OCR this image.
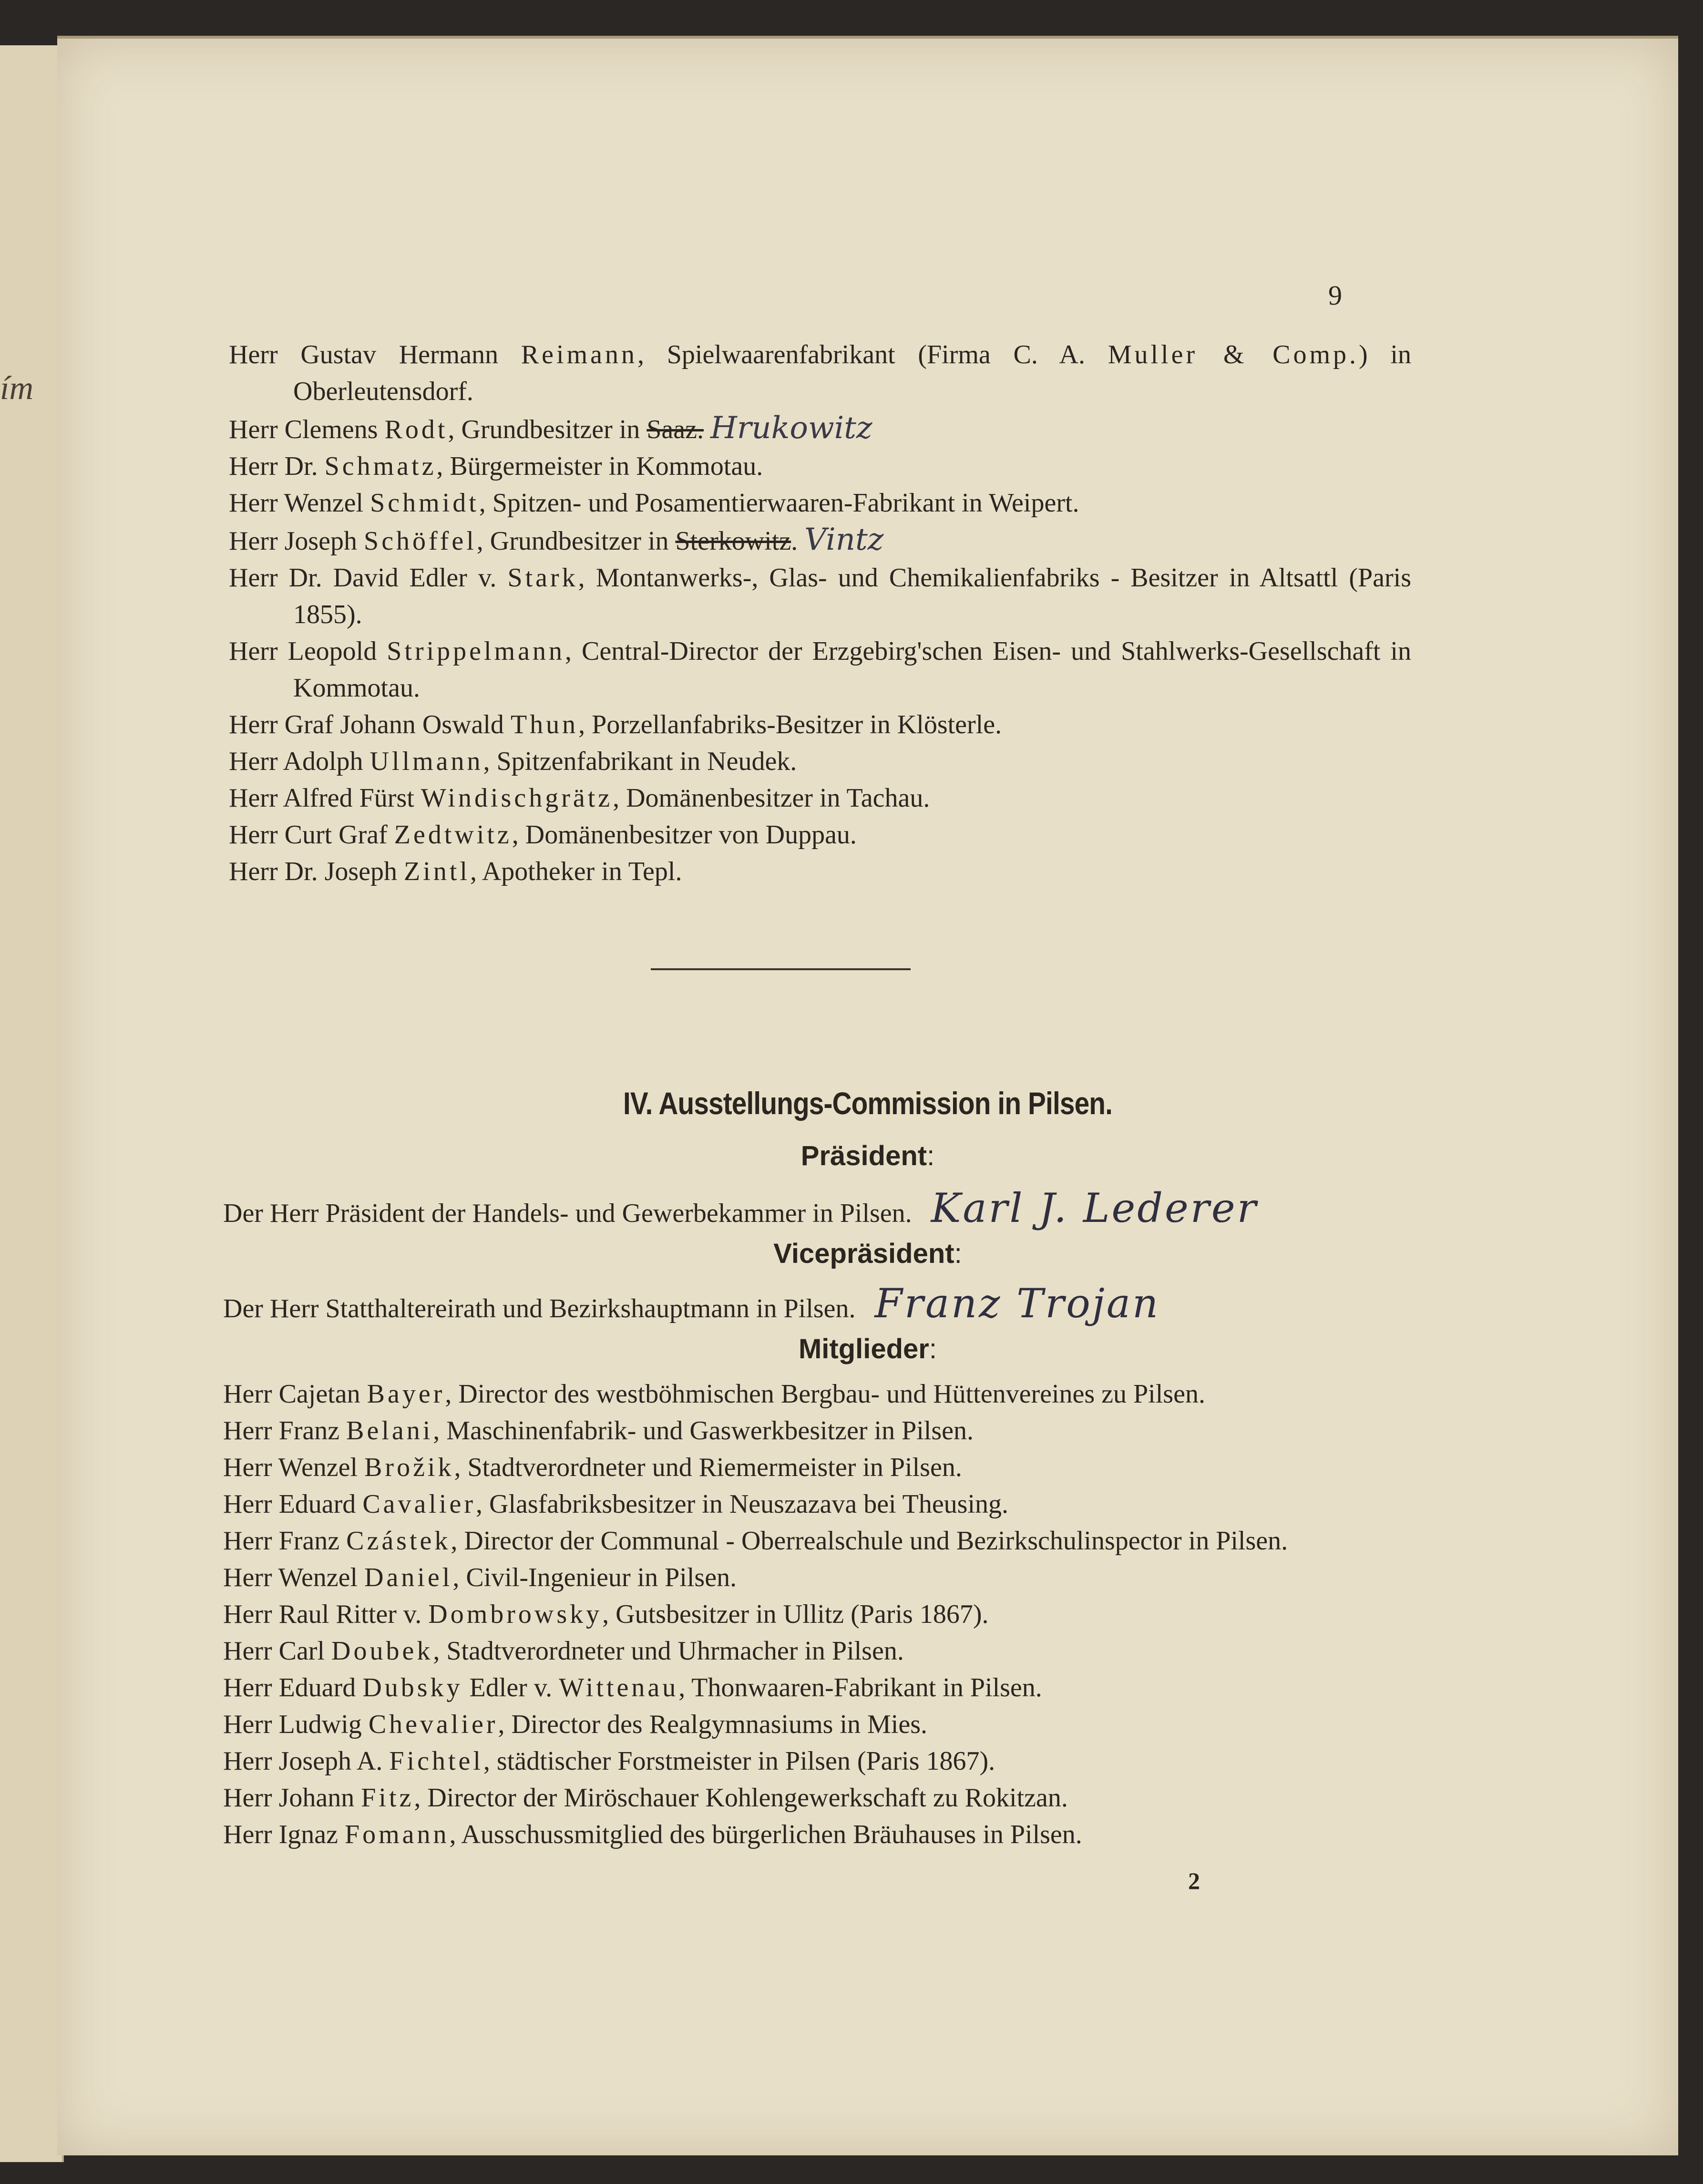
ím
9
Herr Gustav Hermann Reimann, Spielwaarenfabrikant (Firma C. A. Muller & Comp.) in Oberleutensdorf.
Herr Clemens Rodt, Grundbesitzer in Saaz. Hrukowitz
Herr Dr. Schmatz, Bürgermeister in Kommotau.
Herr Wenzel Schmidt, Spitzen- und Posamentierwaaren-Fabrikant in Weipert.
Herr Joseph Schöffel, Grundbesitzer in Sterkowitz. Vintz
Herr Dr. David Edler v. Stark, Montanwerks-, Glas- und Chemikalienfabriks - Besitzer in Altsattl (Paris 1855).
Herr Leopold Strippelmann, Central-Director der Erzgebirg'schen Eisen- und Stahlwerks-Gesellschaft in Kommotau.
Herr Graf Johann Oswald Thun, Porzellanfabriks-Besitzer in Klösterle.
Herr Adolph Ullmann, Spitzenfabrikant in Neudek.
Herr Alfred Fürst Windischgrätz, Domänenbesitzer in Tachau.
Herr Curt Graf Zedtwitz, Domänenbesitzer von Duppau.
Herr Dr. Joseph Zintl, Apotheker in Tepl.
IV. Ausstellungs-Commission in Pilsen.
Präsident:
Der Herr Präsident der Handels- und Gewerbekammer in Pilsen. Karl J. Lederer
Vicepräsident:
Der Herr Statthaltereirath und Bezirkshauptmann in Pilsen. Franz Trojan
Mitglieder:
Herr Cajetan Bayer, Director des westböhmischen Bergbau- und Hüttenvereines zu Pilsen.
Herr Franz Belani, Maschinenfabrik- und Gaswerkbesitzer in Pilsen.
Herr Wenzel Brožik, Stadtverordneter und Riemermeister in Pilsen.
Herr Eduard Cavalier, Glasfabriksbesitzer in Neuszazava bei Theusing.
Herr Franz Czástek, Director der Communal - Oberrealschule und Bezirkschulinspector in Pilsen.
Herr Wenzel Daniel, Civil-Ingenieur in Pilsen.
Herr Raul Ritter v. Dombrowsky, Gutsbesitzer in Ullitz (Paris 1867).
Herr Carl Doubek, Stadtverordneter und Uhrmacher in Pilsen.
Herr Eduard Dubsky Edler v. Wittenau, Thonwaaren-Fabrikant in Pilsen.
Herr Ludwig Chevalier, Director des Realgymnasiums in Mies.
Herr Joseph A. Fichtel, städtischer Forstmeister in Pilsen (Paris 1867).
Herr Johann Fitz, Director der Miröschauer Kohlengewerkschaft zu Rokitzan.
Herr Ignaz Fomann, Ausschussmitglied des bürgerlichen Bräuhauses in Pilsen.
2
